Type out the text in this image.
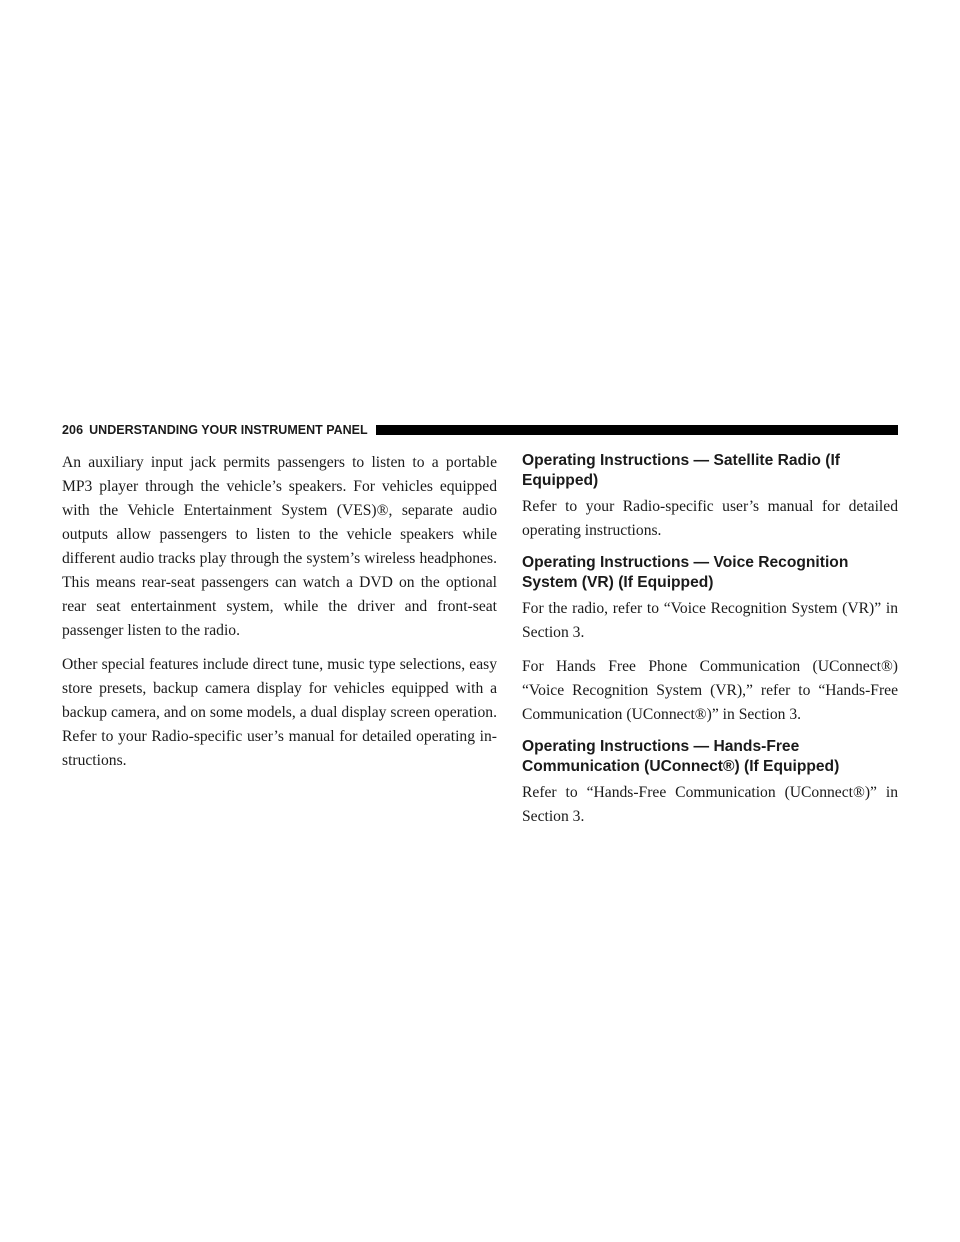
206 UNDERSTANDING YOUR INSTRUMENT PANEL

An auxiliary input jack permits passengers to listen to a portable MP3 player through the vehicle’s speakers. For vehicles equipped with the Vehicle Entertainment System (VES)®, separate audio outputs allow passengers to listen to the vehicle speakers while different audio tracks play through the system’s wireless headphones. This means rear-seat passengers can watch a DVD on the optional rear seat entertainment system, while the driver and front-seat passenger listen to the radio.

Other special features include direct tune, music type selections, easy store presets, backup camera display for vehicles equipped with a backup camera, and on some models, a dual display screen operation. Refer to your Radio-specific user’s manual for detailed operating in-structions.

Operating Instructions — Satellite Radio (If Equipped)

Refer to your Radio-specific user’s manual for detailed operating instructions.

Operating Instructions — Voice Recognition System (VR) (If Equipped)

For the radio, refer to “Voice Recognition System (VR)” in Section 3.

For Hands Free Phone Communication (UConnect®) “Voice Recognition System (VR),” refer to “Hands-Free Communication (UConnect®)” in Section 3.

Operating Instructions — Hands-Free Communication (UConnect®) (If Equipped)

Refer to “Hands-Free Communication (UConnect®)” in Section 3.
